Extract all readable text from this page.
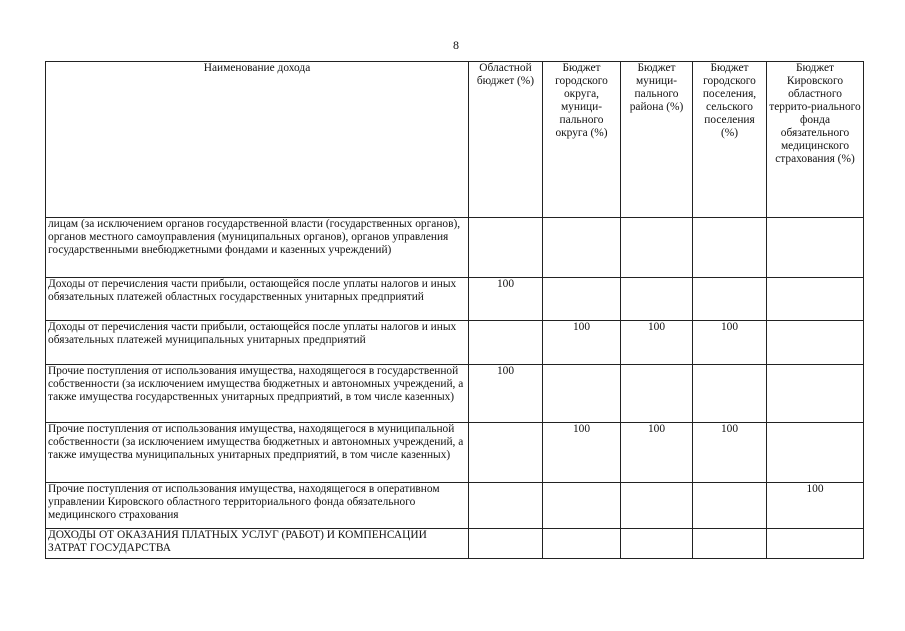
8
Наименование дохода	Областной бюджет (%)	Бюджет городского округа, муници-пального округа (%)	Бюджет муници-пального района (%)	Бюджет городского поселения, сельского поселения (%)	Бюджет Кировского областного террито-риального фонда обязательного медицинского страхования (%)
лицам (за исключением органов государственной власти (государственных органов), органов местного самоуправления (муниципальных органов), органов управления государственными внебюджетными фондами и казенных учреждений)					
Доходы от перечисления части прибыли, остающейся после уплаты налогов и иных обязательных платежей областных государственных унитарных предприятий	100				
Доходы от перечисления части прибыли, остающейся после уплаты налогов и иных обязательных платежей муниципальных унитарных предприятий		100	100	100	
Прочие поступления от использования имущества, находящегося в государственной собственности (за исключением имущества бюджетных и автономных учреждений, а также имущества государственных унитарных предприятий, в том числе казенных)	100				
Прочие поступления от использования имущества, находящегося в муниципальной собственности (за исключением имущества бюджетных и автономных учреждений, а также имущества муниципальных унитарных предприятий, в том числе казенных)		100	100	100	
Прочие поступления от использования имущества, находящегося в оперативном управлении Кировского областного территориального фонда обязательного медицинского страхования					100
ДОХОДЫ ОТ ОКАЗАНИЯ ПЛАТНЫХ УСЛУГ (РАБОТ) И КОМПЕНСАЦИИ ЗАТРАТ ГОСУДАРСТВА					
